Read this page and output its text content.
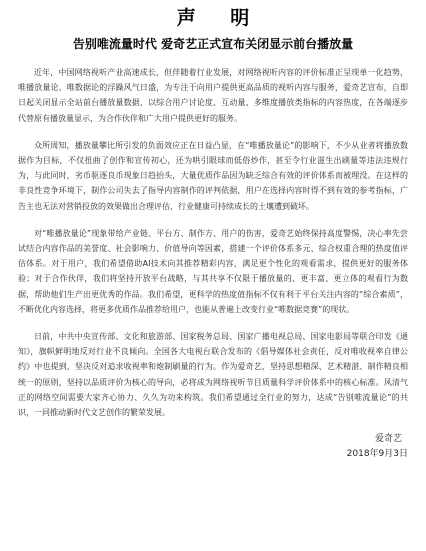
声 明
告别唯流量时代 爱奇艺正式宣布关闭显示前台播放量

近年，中国网络视听产业高速成长，但伴随着行业发展，对网络视听内容的评价标准正呈现单一化趋势，唯播放量论、唯数据论的浮躁风气日盛，为专注于向用户提供更高品质的视听内容与服务，爱奇艺宣布，自即日起关闭显示全站前台播放量数据，以综合用户讨论度、互动量、多维度播放类指标的内容热度，在各端逐步代替原有播放量显示，为合作伙伴和广大用户提供更好的服务。

众所周知，播放量攀比所引发的负面效应正在日益凸显，在“唯播放量论”的影响下，不少从业者将播放数据作为目标，不仅扭曲了创作和宣传初心，还为哄引眼球而低俗炒作，甚至令行业滋生出刷量等违法违规行为，与此同时，劣币驱逐良币现象日趋抬头，大量优质作品因为缺乏综合有效的评价体系而被埋没。在这样的非良性竞争环境下，制作公司失去了指导内容制作的评判依据，用户在选择内容时得不到有效的参考指标，广告主也无法对营销投放的效果做出合理评估，行业健康可持续成长的土壤遭到破坏。

对“唯播放量论”现象带给产业链、平台方、制作方、用户的伤害，爱奇艺始终保持高度警惕，决心率先尝试结合内容作品的美誉度、社会影响力、价值导向等因素，搭建一个评价体系多元、综合权重合理的热度值评估体系。对于用户，我们希望借助AI技术向其推荐精彩内容，满足更个性化的观看需求，提供更好的服务体验；对于合作伙伴，我们将坚持开放平台战略，与其共享不仅限于播放量的、更丰富、更立体的观看行为数据，帮助他们生产出更优秀的作品。我们希望，更科学的热度值指标不仅有利于平台关注内容的“综合素质”，不断优化内容选择，将更多优质作品推荐给用户，也能从普遍上改变行业“唯数据竞赛”的现状。

日前，中共中央宣传部、文化和旅游部、国家税务总局、国家广播电视总局、国家电影局等联合印发《通知》，旗帜鲜明地反对行业不良倾向。全国各大电视台联合发布的《倡导媒体社会责任，反对唯收视率自律公约》中也提到，坚决反对追求收视率和炮制刷量的行为。作为爱奇艺，坚持思想精深、艺术精湛、制作精良相统一的原则，坚持以品质评价为核心的导向，必将成为网络视听节目质量科学评价体系中的核心标准。风清气正的网络空间需要大家齐心协力、久久为功来构筑。我们希望通过全行业的努力，达成“告别唯流量论”的共识，一同推动新时代文艺创作的繁荣发展。

爱奇艺
2018年9月3日
